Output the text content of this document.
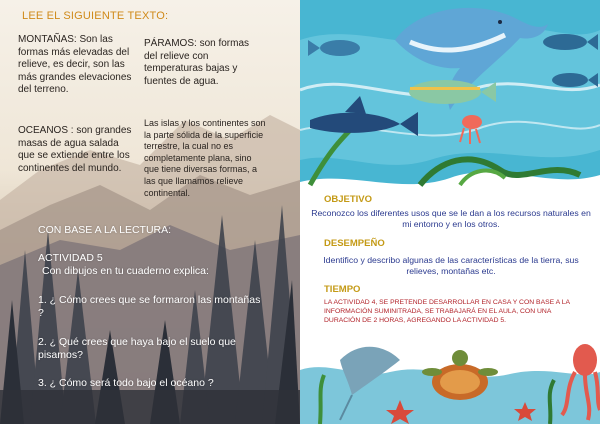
LEE EL SIGUIENTE TEXTO:
MONTAÑAS: Son las formas más elevadas del relieve, es decir, son las más grandes elevaciones del terreno.
OCEANOS : son grandes masas de agua salada que se extiende entre los continentes del mundo.
PÁRAMOS: son formas del relieve con temperaturas bajas y fuentes de agua.
Las islas y los continentes son la parte sólida de la superficie terrestre, la cual no es completamente plana, sino que tiene diversas formas, a las que llamamos relieve continental.
CON BASE A LA LECTURA:
ACTIVIDAD 5
Con dibujos en tu cuaderno explica:
1. ¿ Cómo crees que se formaron las montañas ?
2. ¿ Qué crees que haya bajo el suelo que pisamos?
3. ¿ Cómo será todo bajo el océano ?
OBJETIVO
Reconozco los diferentes usos que se le dan a los recursos naturales en mi entorno y en los otros.
DESEMPEÑO
Identifico y describo algunas de las características de la tierra, sus relieves, montañas etc.
TIEMPO
LA ACTIVIDAD 4, SE PRETENDE DESARROLLAR EN CASA Y CON BASE A LA INFORMACIÓN SUMINITRADA, SE TRABAJARÁ EN EL AULA, CON UNA DURACIÓN DE 2 HORAS, AGREGANDO LA ACTIVIDAD 5.
